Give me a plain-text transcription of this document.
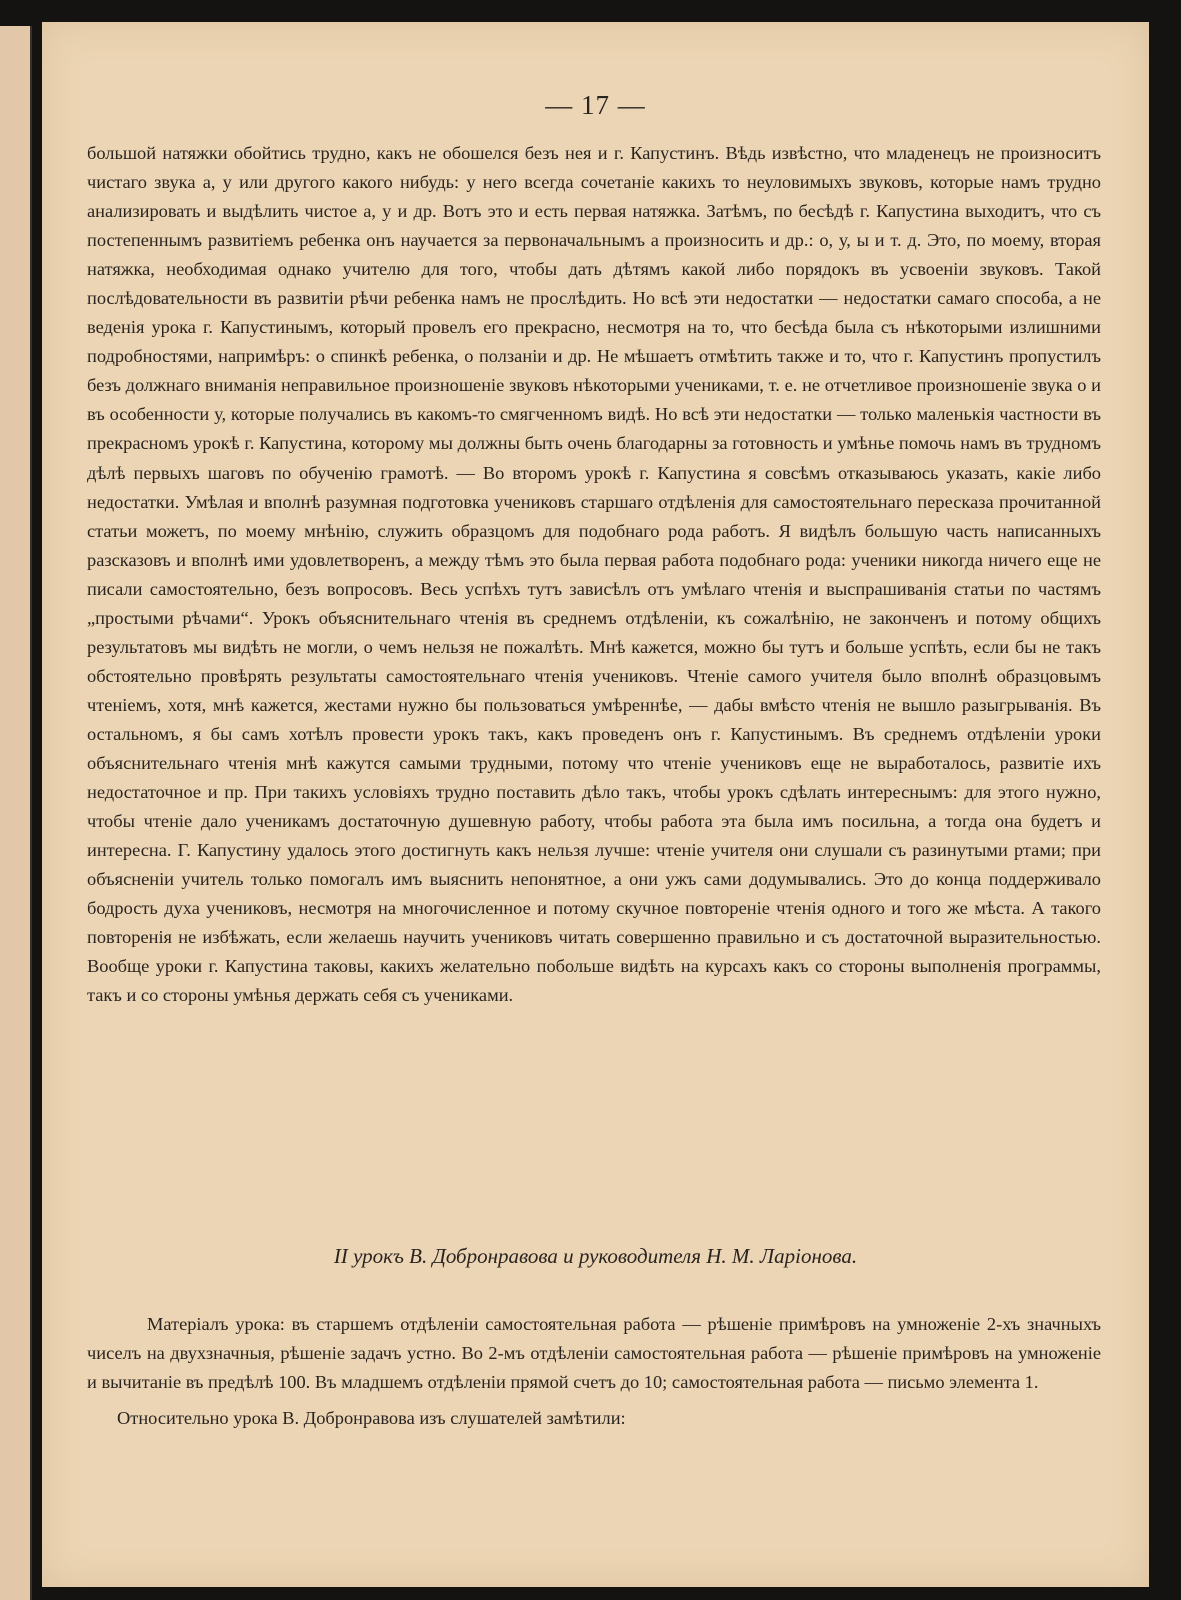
— 17 —

большой натяжки обойтись трудно, какъ не обошелся безъ нея и г. Капустинъ. Вѣдь извѣстно, что младенецъ не произноситъ чистаго звука а, у или другого какого нибудь: у него всегда сочетаніе какихъ то неуловимыхъ звуковъ, которые намъ трудно анализировать и выдѣлить чистое а, у и др. Вотъ это и есть первая натяжка. Затѣмъ, по бесѣдѣ г. Капустина выходитъ, что съ постепеннымъ развитіемъ ребенка онъ научается за первоначальнымъ а произносить и др.: о, у, ы и т. д. Это, по моему, вторая натяжка, необходимая однако учителю для того, чтобы дать дѣтямъ какой либо порядокъ въ усвоеніи звуковъ. Такой послѣдовательности въ развитіи рѣчи ребенка намъ не прослѣдить. Но всѣ эти недостатки — недостатки самаго способа, а не веденія урока г. Капустинымъ, который провелъ его прекрасно, несмотря на то, что бесѣда была съ нѣкоторыми излишними подробностями, напримѣръ: о спинкѣ ребенка, о ползаніи и др. Не мѣшаетъ отмѣтить также и то, что г. Капустинъ пропустилъ безъ должнаго вниманія неправильное произношеніе звуковъ нѣкоторыми учениками, т. е. не отчетливое произношеніе звука о и въ особенности у, которые получались въ какомъ-то смягченномъ видѣ. Но всѣ эти недостатки — только маленькія частности въ прекрасномъ урокѣ г. Капустина, которому мы должны быть очень благодарны за готовность и умѣнье помочь намъ въ трудномъ дѣлѣ первыхъ шаговъ по обученію грамотѣ. — Во второмъ урокѣ г. Капустина я совсѣмъ отказываюсь указать, какіе либо недостатки. Умѣлая и вполнѣ разумная подготовка учениковъ старшаго отдѣленія для самостоятельнаго пересказа прочитанной статьи можетъ, по моему мнѣнію, служить образцомъ для подобнаго рода работъ. Я видѣлъ большую часть написанныхъ разсказовъ и вполнѣ ими удовлетворенъ, а между тѣмъ это была первая работа подобнаго рода: ученики никогда ничего еще не писали самостоятельно, безъ вопросовъ. Весь успѣхъ тутъ зависѣлъ отъ умѣлаго чтенія и выспрашиванія статьи по частямъ „простыми рѣчами“. Урокъ объяснительнаго чтенія въ среднемъ отдѣленіи, къ сожалѣнію, не законченъ и потому общихъ результатовъ мы видѣть не могли, о чемъ нельзя не пожалѣть. Мнѣ кажется, можно бы тутъ и больше успѣть, если бы не такъ обстоятельно провѣрять результаты самостоятельнаго чтенія учениковъ. Чтеніе самого учителя было вполнѣ образцовымъ чтеніемъ, хотя, мнѣ кажется, жестами нужно бы пользоваться умѣреннѣе, — дабы вмѣсто чтенія не вышло разыгрыванія. Въ остальномъ, я бы самъ хотѣлъ провести урокъ такъ, какъ проведенъ онъ г. Капустинымъ. Въ среднемъ отдѣленіи уроки объяснительнаго чтенія мнѣ кажутся самыми трудными, потому что чтеніе учениковъ еще не выработалось, развитіе ихъ недостаточное и пр. При такихъ условіяхъ трудно поставить дѣло такъ, чтобы урокъ сдѣлать интереснымъ: для этого нужно, чтобы чтеніе дало ученикамъ достаточную душевную работу, чтобы работа эта была имъ посильна, а тогда она будетъ и интересна. Г. Капустину удалось этого достигнуть какъ нельзя лучше: чтеніе учителя они слушали съ разинутыми ртами; при объясненіи учитель только помогалъ имъ выяснить непонятное, а они ужъ сами додумывались. Это до конца поддерживало бодрость духа учениковъ, несмотря на многочисленное и потому скучное повтореніе чтенія одного и того же мѣста. А такого повторенія не избѣжать, если желаешь научить учениковъ читать совершенно правильно и съ достаточной выразительностью. Вообще уроки г. Капустина таковы, какихъ желательно побольше видѣть на курсахъ какъ со стороны выполненія программы, такъ и со стороны умѣнья держать себя съ учениками.

II урокъ В. Добронравова и руководителя Н. М. Ларіонова.

Матеріалъ урока: въ старшемъ отдѣленіи самостоятельная работа — рѣшеніе примѣровъ на умноженіе 2-хъ значныхъ чиселъ на двухзначныя, рѣшеніе задачъ устно. Во 2-мъ отдѣленіи самостоятельная работа — рѣшеніе примѣровъ на умноженіе и вычитаніе въ предѣлѣ 100. Въ младшемъ отдѣленіи прямой счетъ до 10; самостоятельная работа — письмо элемента 1.

Относительно урока В. Добронравова изъ слушателей замѣтили:
